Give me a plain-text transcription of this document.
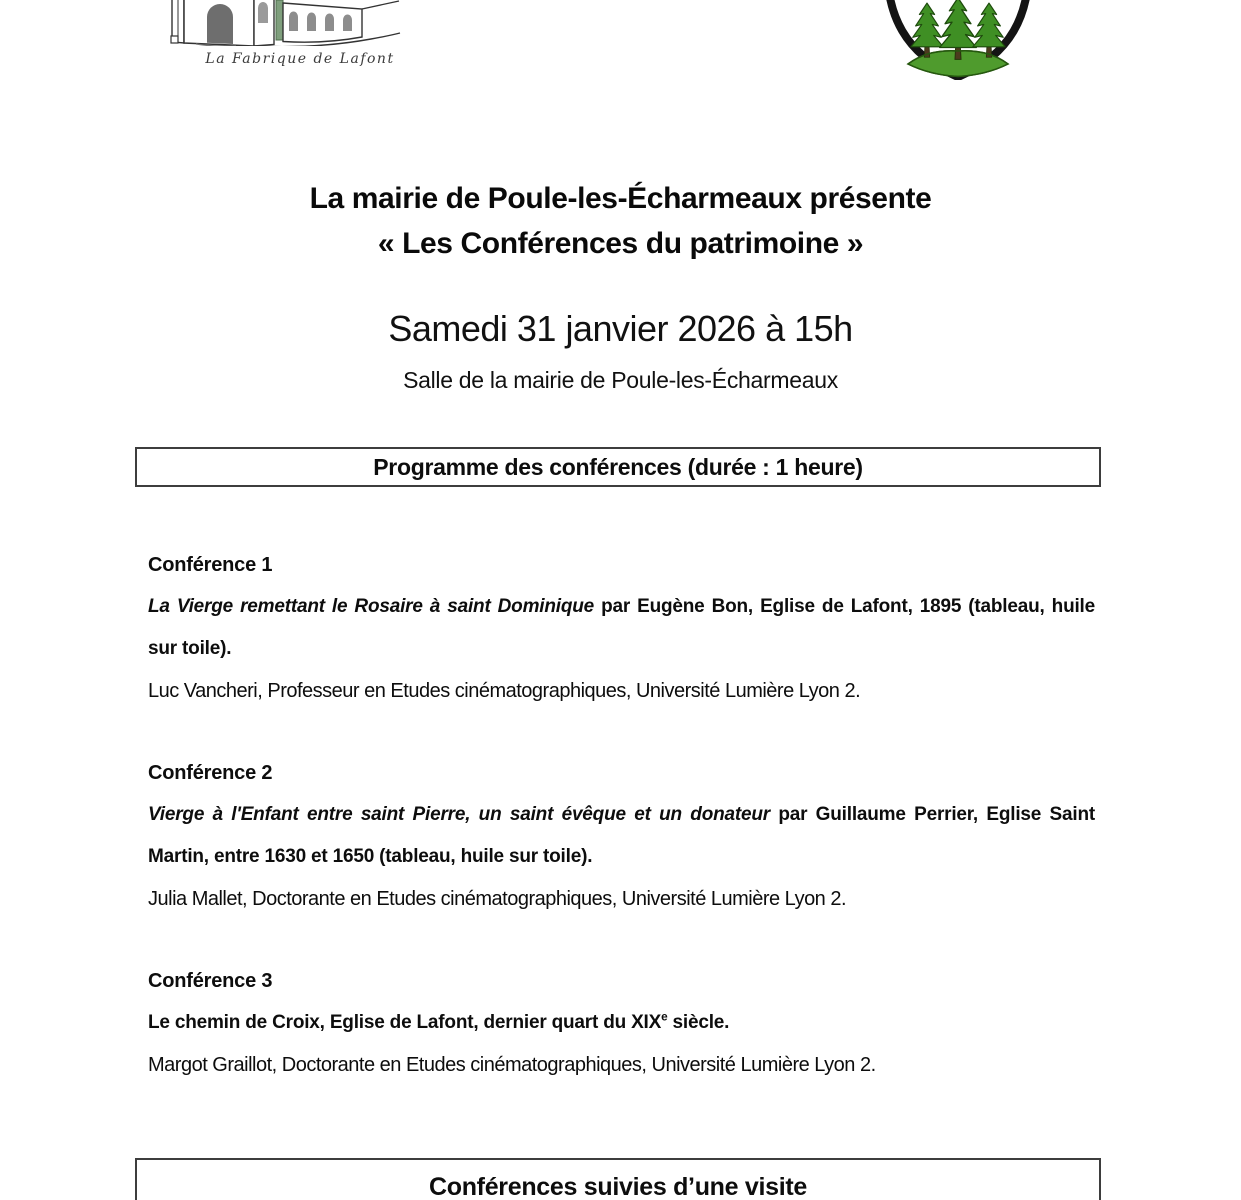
La Fabrique de Lafont
La mairie de Poule-les-Écharmeaux présente
« Les Conférences du patrimoine »
Samedi 31 janvier 2026 à 15h
Salle de la mairie de Poule-les-Écharmeaux
Programme des conférences (durée : 1 heure)
Conférence 1

La Vierge remettant le Rosaire à saint Dominique par Eugène Bon, Eglise de Lafont, 1895 (tableau, huile sur toile).

Luc Vancheri, Professeur en Etudes cinématographiques, Université Lumière Lyon 2.

Conférence 2

Vierge à l'Enfant entre saint Pierre, un saint évêque et un donateur par Guillaume Perrier, Eglise Saint Martin, entre 1630 et 1650 (tableau, huile sur toile).

Julia Mallet, Doctorante en Etudes cinématographiques, Université Lumière Lyon 2.

Conférence 3

Le chemin de Croix, Eglise de Lafont, dernier quart du XIXe siècle.

Margot Graillot, Doctorante en Etudes cinématographiques, Université Lumière Lyon 2.

Conférences suivies d’une visite
